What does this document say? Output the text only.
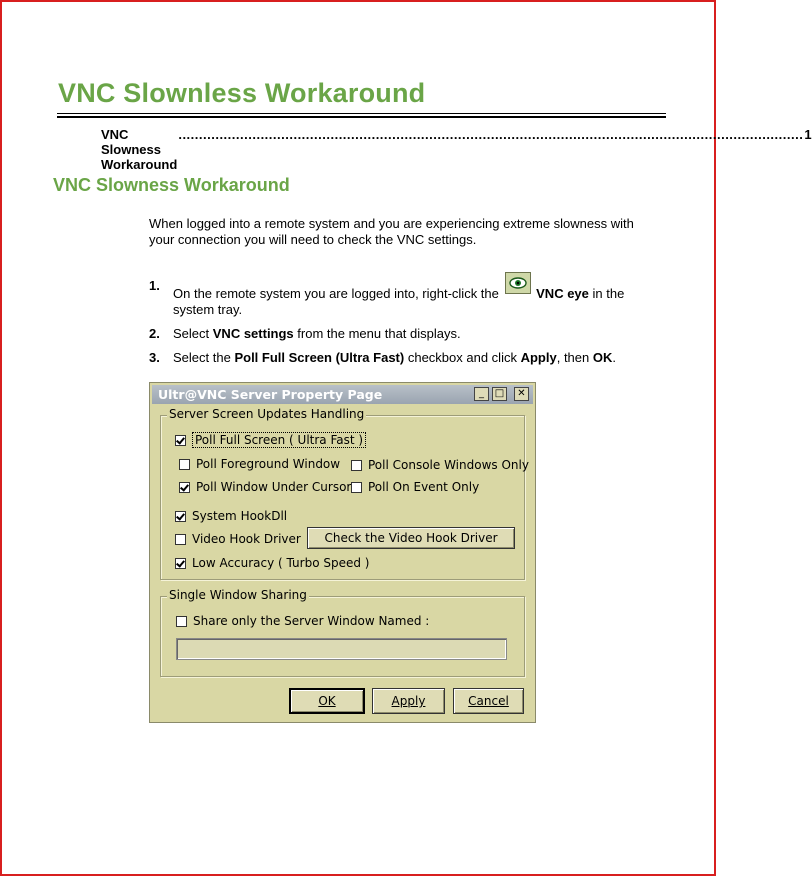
VNC Slownless Workaround
VNC Slowness Workaround
........................................................................................................................................................ 1
VNC Slowness Workaround
When logged into a remote system and you are experiencing extreme slowness with your connection you will need to check the VNC settings.
1.
On the remote system you are logged into, right-click the	VNC eye in the system tray.
2.	Select VNC settings from the menu that displays.
3.	Select the Poll Full Screen (Ultra Fast) checkbox and click Apply, then OK.
Ultr@VNC Server Property Page	_	□	✕
Server Screen Updates Handling
Poll Full Screen ( Ultra Fast )
Poll Foreground Window Poll Console Windows Only
Poll Window Under Cursor Poll On Event Only
System HookDll
Video Hook Driver	Check the Video Hook Driver
Low Accuracy ( Turbo Speed )
Single Window Sharing
Share only the Server Window Named :
OK	Apply	Cancel
